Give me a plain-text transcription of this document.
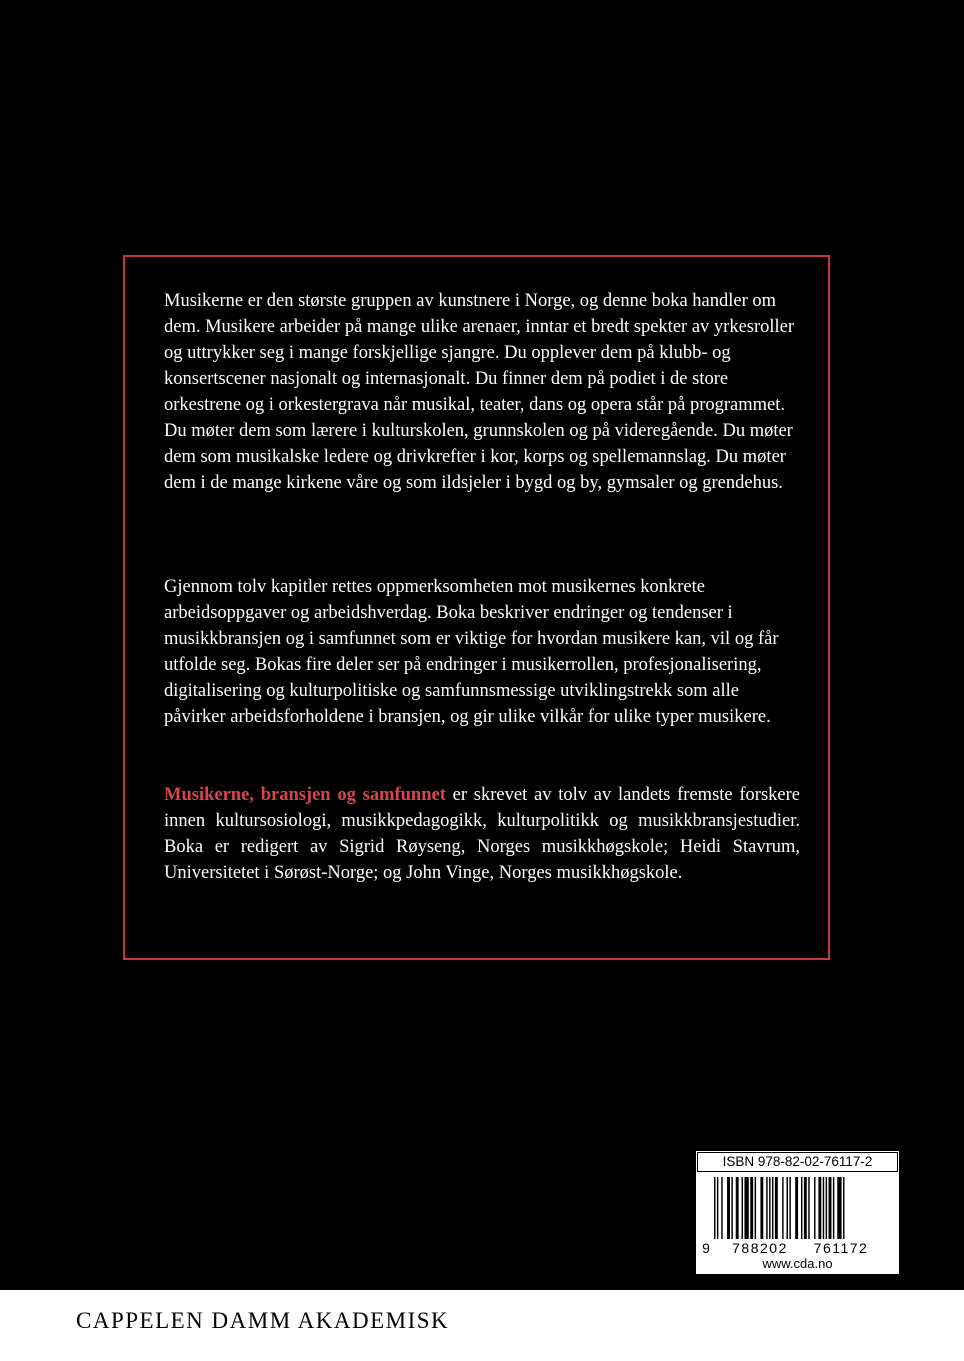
Musikerne er den største gruppen av kunstnere i Norge, og denne boka handler om dem. Musikere arbeider på mange ulike arenaer, inntar et bredt spekter av yrkesroller og uttrykker seg i mange forskjellige sjangre. Du opplever dem på klubb- og konsertscener nasjonalt og internasjonalt. Du finner dem på podiet i de store orkestrene og i orkestergrava når musikal, teater, dans og opera står på programmet. Du møter dem som lærere i kulturskolen, grunnskolen og på videregående. Du møter dem som musikalske ledere og drivkrefter i kor, korps og spellemannslag. Du møter dem i de mange kirkene våre og som ildsjeler i bygd og by, gymsaler og grendehus.

Gjennom tolv kapitler rettes oppmerksomheten mot musikernes konkrete arbeidsoppgaver og arbeidshverdag. Boka beskriver endringer og tendenser i musikkbransjen og i samfunnet som er viktige for hvordan musikere kan, vil og får utfolde seg. Bokas fire deler ser på endringer i musikerrollen, profesjonalisering, digitalisering og kulturpolitiske og samfunnsmessige utviklingstrekk som alle påvirker arbeidsforholdene i bransjen, og gir ulike vilkår for ulike typer musikere.

Musikerne, bransjen og samfunnet er skrevet av tolv av landets fremste forskere innen kultursosiologi, musikkpedagogikk, kulturpolitikk og musikkbransjestudier. Boka er redigert av Sigrid Røyseng, Norges musikkhøgskole; Heidi Stavrum, Universitetet i Sørøst-Norge; og John Vinge, Norges musikkhøgskole.

ISBN 978-82-02-76117-2
9 788202 761172
www.cda.no
CAPPELEN DAMM AKADEMISK
